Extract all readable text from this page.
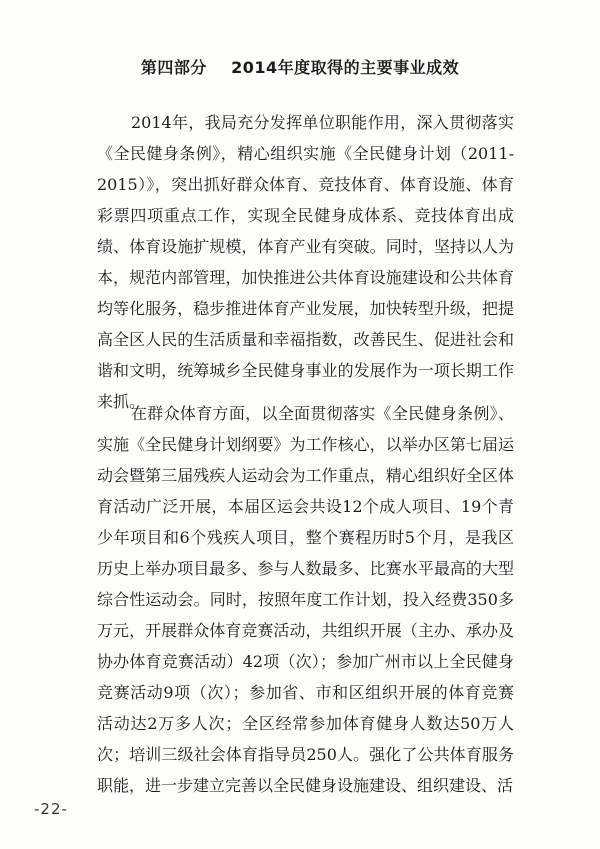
第四部分    2014年度取得的主要事业成效

2014年，我局充分发挥单位职能作用，深入贯彻落实《全民健身条例》，精心组织实施《全民健身计划（2011-2015）》，突出抓好群众体育、竞技体育、体育设施、体育彩票四项重点工作，实现全民健身成体系、竞技体育出成绩、体育设施扩规模，体育产业有突破。同时，坚持以人为本，规范内部管理，加快推进公共体育设施建设和公共体育均等化服务，稳步推进体育产业发展，加快转型升级，把提高全区人民的生活质量和幸福指数，改善民生、促进社会和谐和文明，统筹城乡全民健身事业的发展作为一项长期工作来抓。

在群众体育方面，以全面贯彻落实《全民健身条例》、实施《全民健身计划纲要》为工作核心，以举办区第七届运动会暨第三届残疾人运动会为工作重点，精心组织好全区体育活动广泛开展，本届区运会共设12个成人项目、19个青少年项目和6个残疾人项目，整个赛程历时5个月，是我区历史上举办项目最多、参与人数最多、比赛水平最高的大型综合性运动会。同时，按照年度工作计划，投入经费350多万元，开展群众体育竞赛活动，共组织开展（主办、承办及协办体育竞赛活动）42项（次）；参加广州市以上全民健身竞赛活动9项（次）；参加省、市和区组织开展的体育竞赛活动达2万多人次；全区经常参加体育健身人数达50万人次；培训三级社会体育指导员250人。强化了公共体育服务职能，进一步建立完善以全民健身设施建设、组织建设、活

-22-
